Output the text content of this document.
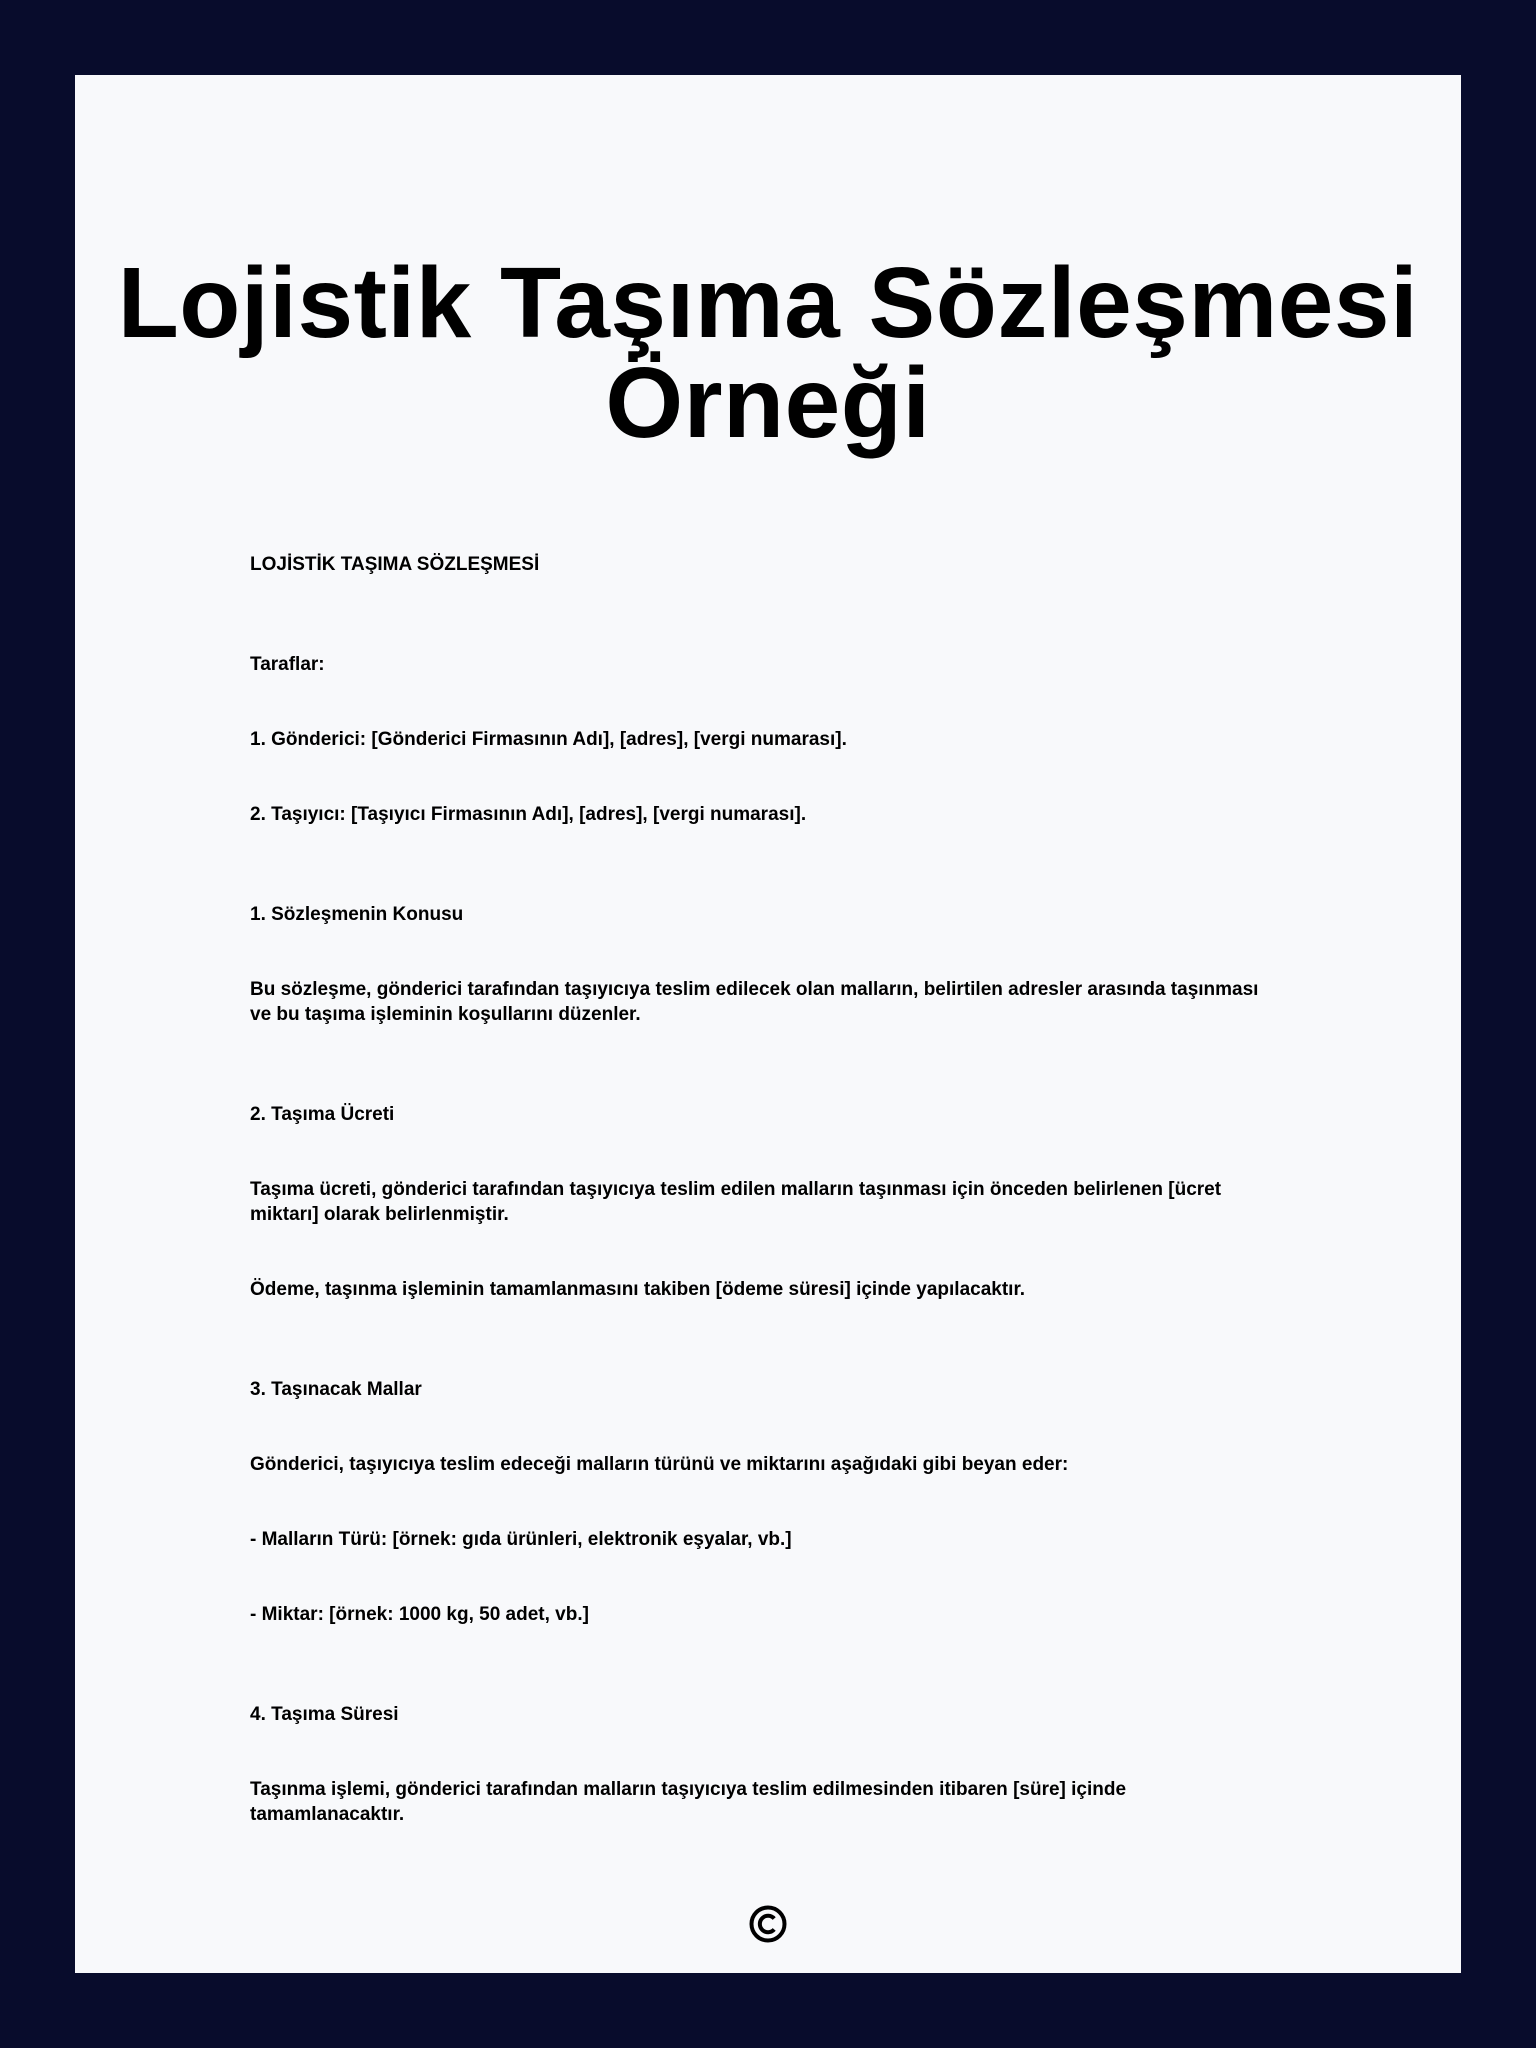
Lojistik Taşıma Sözleşmesi
Örneği

LOJİSTİK TAŞIMA SÖZLEŞMESİ

Taraflar:

1. Gönderici: [Gönderici Firmasının Adı], [adres], [vergi numarası].

2. Taşıyıcı: [Taşıyıcı Firmasının Adı], [adres], [vergi numarası].

1. Sözleşmenin Konusu

Bu sözleşme, gönderici tarafından taşıyıcıya teslim edilecek olan malların, belirtilen adresler arasında taşınması ve bu taşıma işleminin koşullarını düzenler.

2. Taşıma Ücreti

Taşıma ücreti, gönderici tarafından taşıyıcıya teslim edilen malların taşınması için önceden belirlenen [ücret miktarı] olarak belirlenmiştir.

Ödeme, taşınma işleminin tamamlanmasını takiben [ödeme süresi] içinde yapılacaktır.

3. Taşınacak Mallar

Gönderici, taşıyıcıya teslim edeceği malların türünü ve miktarını aşağıdaki gibi beyan eder:

- Malların Türü: [örnek: gıda ürünleri, elektronik eşyalar, vb.]

- Miktar: [örnek: 1000 kg, 50 adet, vb.]

4. Taşıma Süresi

Taşınma işlemi, gönderici tarafından malların taşıyıcıya teslim edilmesinden itibaren [süre] içinde tamamlanacaktır.
